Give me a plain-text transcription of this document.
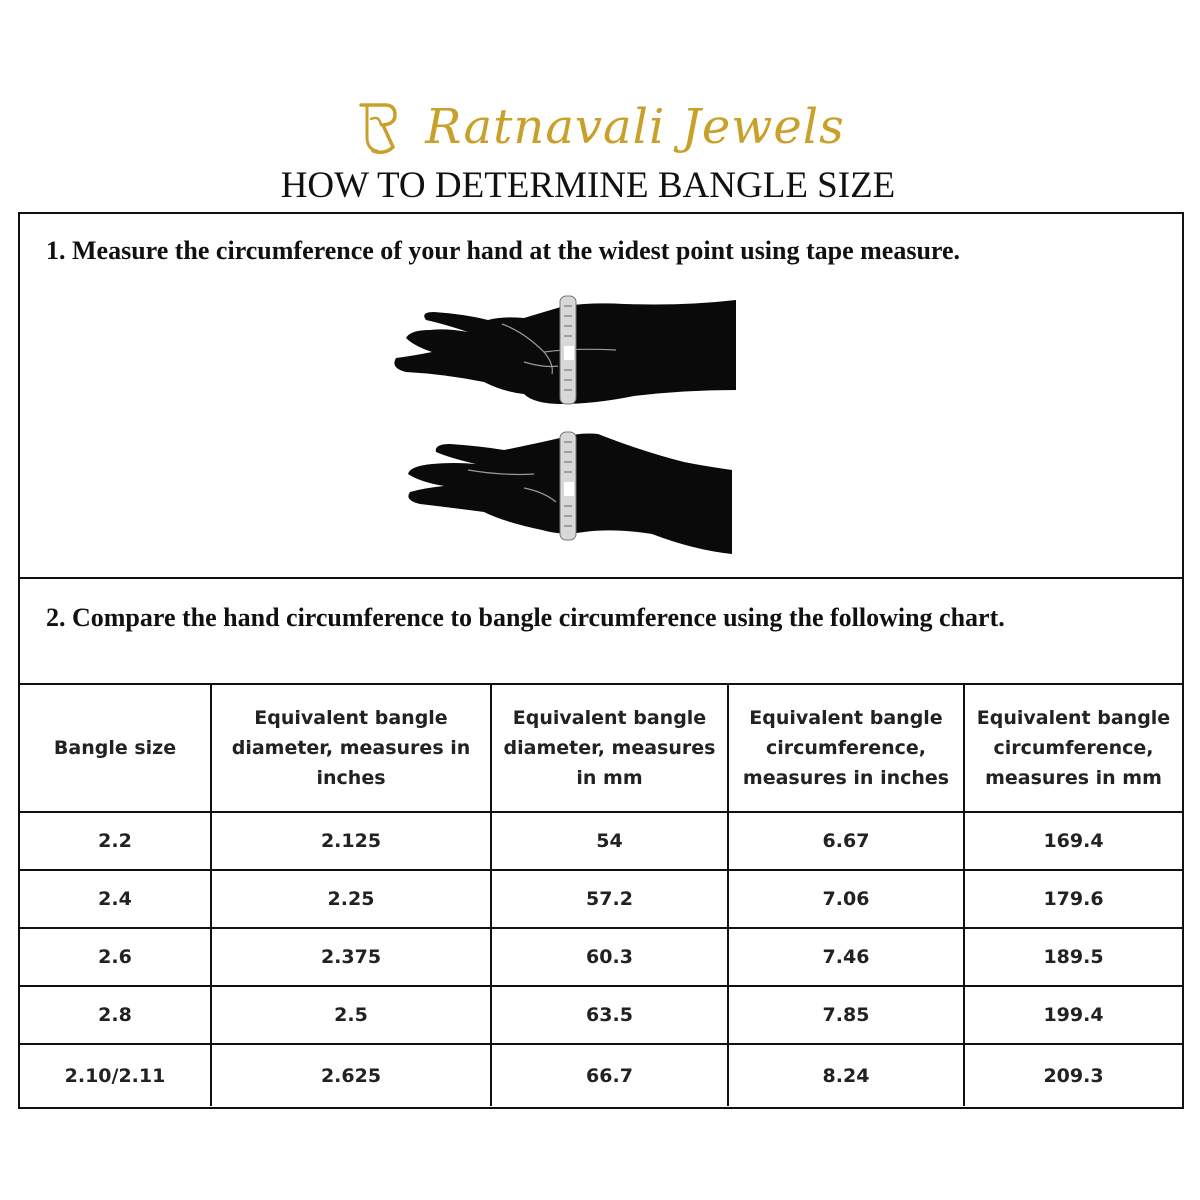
Ratnavali Jewels
HOW TO DETERMINE BANGLE SIZE
1. Measure the circumference of your hand at the widest point using tape measure.
2. Compare the hand circumference to bangle circumference using the following chart.
Bangle size	Equivalent bangle diameter, measures in inches	Equivalent bangle diameter, measures in mm	Equivalent bangle circumference, measures in inches	Equivalent bangle circumference, measures in mm
2.2	2.125	54	6.67	169.4
2.4	2.25	57.2	7.06	179.6
2.6	2.375	60.3	7.46	189.5
2.8	2.5	63.5	7.85	199.4
2.10/2.11	2.625	66.7	8.24	209.3
